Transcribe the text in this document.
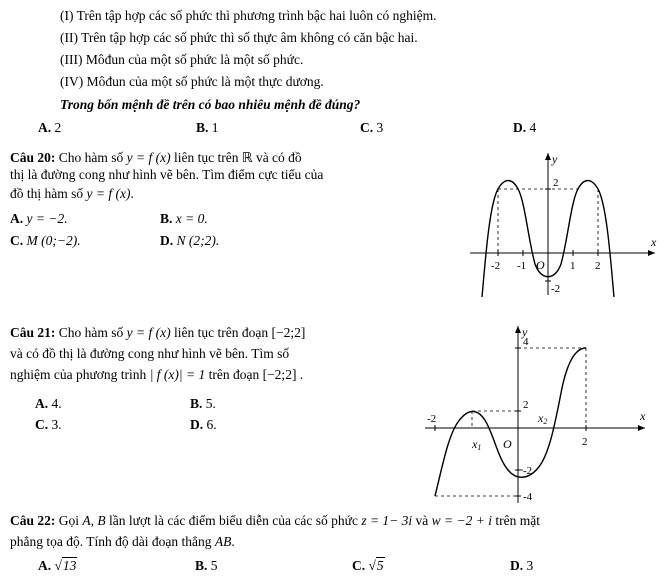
(I) Trên tập hợp các số phức thì phương trình bậc hai luôn có nghiệm.
(II) Trên tập hợp các số phức thì số thực âm không có căn bậc hai.
(III) Môđun của một số phức là một số phức.
(IV) Môđun của một số phức là một thực dương.
Trong bốn mệnh đề trên có bao nhiêu mệnh đề đúng?
A. 2	B. 1	C. 3	D. 4
Câu 20: Cho hàm số y = f (x) liên tục trên ℝ và có đồ
thị là đường cong như hình vẽ bên. Tìm điểm cực tiểu của
đồ thị hàm số y = f (x).
A. y = −2.	B. x = 0.
C. M (0;−2).	D. N (2;2).
y
x
-2 -1	1 2
O
2
-2
Câu 21: Cho hàm số y = f (x) liên tục trên đoạn [−2;2]
và có đồ thị là đường cong như hình vẽ bên. Tìm số
nghiệm của phương trình | f (x)| = 1 trên đoạn [−2;2] .
A. 4.	B. 5.
C. 3.	D. 6.
y
x
-2
2
4
2
-2
-4
O
x1
x2
Câu 22: Gọi A, B lần lượt là các điểm biểu diễn của các số phức z = 1− 3i và w = −2 + i trên mặt
phẳng tọa độ. Tính độ dài đoạn thẳng AB.
A. √13	B. 5	C. √5	D. 3
